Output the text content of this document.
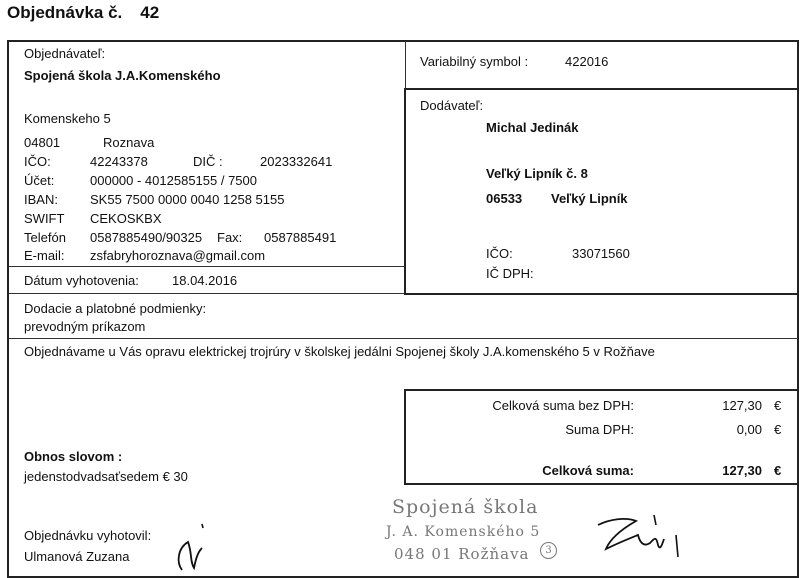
Objednávka č. 42
Objednávateľ:
Spojená škola J.A.Komenského
Komenskeho 5
04801	Roznava
IČO:	42243378	DIČ :	2023332641
Účet:	000000 - 4012585155 / 7500
IBAN: SK55 7500 0000 0040 1258 5155
SWIFT CEKOSKBX
Telefón 0587885490/90325 Fax: 0587885491
E-mail: zsfabryhoroznava@gmail.com
Dátum vyhotovenia:	18.04.2016
Dodacie a platobné podmienky:
prevodným príkazom
Variabilný symbol :	422016
Dodávateľ:
Michal Jedinák
Veľký Lipník č. 8
06533 Veľký Lipník
IČO:	33071560
IČ DPH:
Objednávame u Vás opravu elektrickej trojrúry v školskej jedálni Spojenej školy J.A.komenského 5 v Rožňave
Celková suma bez DPH:	127,30 €
Suma DPH:	0,00 €
Celková suma:	127,30 €
Obnos slovom :
jedenstodvadsaťsedem € 30
Objednávku vyhotovil:
Ulmanová Zuzana
Spojená škola
J. A. Komenského 5
048 01 Rožňava	3
